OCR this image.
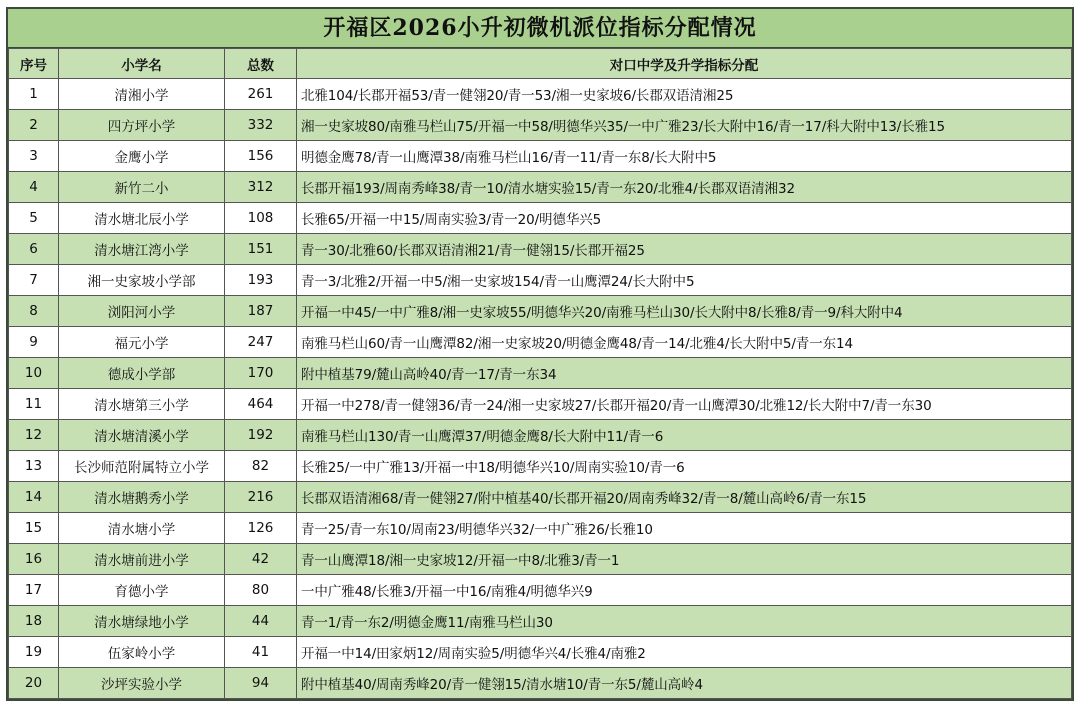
开福区2026小升初微机派位指标分配情况
序号	小学名	总数	对口中学及升学指标分配
1	清湘小学	261	北雅104/长郡开福53/青一健翎20/青一53/湘一史家坡6/长郡双语清湘25
2	四方坪小学	332	湘一史家坡80/南雅马栏山75/开福一中58/明德华兴35/一中广雅23/长大附中16/青一17/科大附中13/长雅15
3	金鹰小学	156	明德金鹰78/青一山鹰潭38/南雅马栏山16/青一11/青一东8/长大附中5
4	新竹二小	312	长郡开福193/周南秀峰38/青一10/清水塘实验15/青一东20/北雅4/长郡双语清湘32
5	清水塘北辰小学	108	长雅65/开福一中15/周南实验3/青一20/明德华兴5
6	清水塘江湾小学	151	青一30/北雅60/长郡双语清湘21/青一健翎15/长郡开福25
7	湘一史家坡小学部	193	青一3/北雅2/开福一中5/湘一史家坡154/青一山鹰潭24/长大附中5
8	浏阳河小学	187	开福一中45/一中广雅8/湘一史家坡55/明德华兴20/南雅马栏山30/长大附中8/长雅8/青一9/科大附中4
9	福元小学	247	南雅马栏山60/青一山鹰潭82/湘一史家坡20/明德金鹰48/青一14/北雅4/长大附中5/青一东14
10	德成小学部	170	附中植基79/麓山高岭40/青一17/青一东34
11	清水塘第三小学	464	开福一中278/青一健翎36/青一24/湘一史家坡27/长郡开福20/青一山鹰潭30/北雅12/长大附中7/青一东30
12	清水塘清溪小学	192	南雅马栏山130/青一山鹰潭37/明德金鹰8/长大附中11/青一6
13	长沙师范附属特立小学	82	长雅25/一中广雅13/开福一中18/明德华兴10/周南实验10/青一6
14	清水塘鹅秀小学	216	长郡双语清湘68/青一健翎27/附中植基40/长郡开福20/周南秀峰32/青一8/麓山高岭6/青一东15
15	清水塘小学	126	青一25/青一东10/周南23/明德华兴32/一中广雅26/长雅10
16	清水塘前进小学	42	青一山鹰潭18/湘一史家坡12/开福一中8/北雅3/青一1
17	育德小学	80	一中广雅48/长雅3/开福一中16/南雅4/明德华兴9
18	清水塘绿地小学	44	青一1/青一东2/明德金鹰11/南雅马栏山30
19	伍家岭小学	41	开福一中14/田家炳12/周南实验5/明德华兴4/长雅4/南雅2
20	沙坪实验小学	94	附中植基40/周南秀峰20/青一健翎15/清水塘10/青一东5/麓山高岭4
